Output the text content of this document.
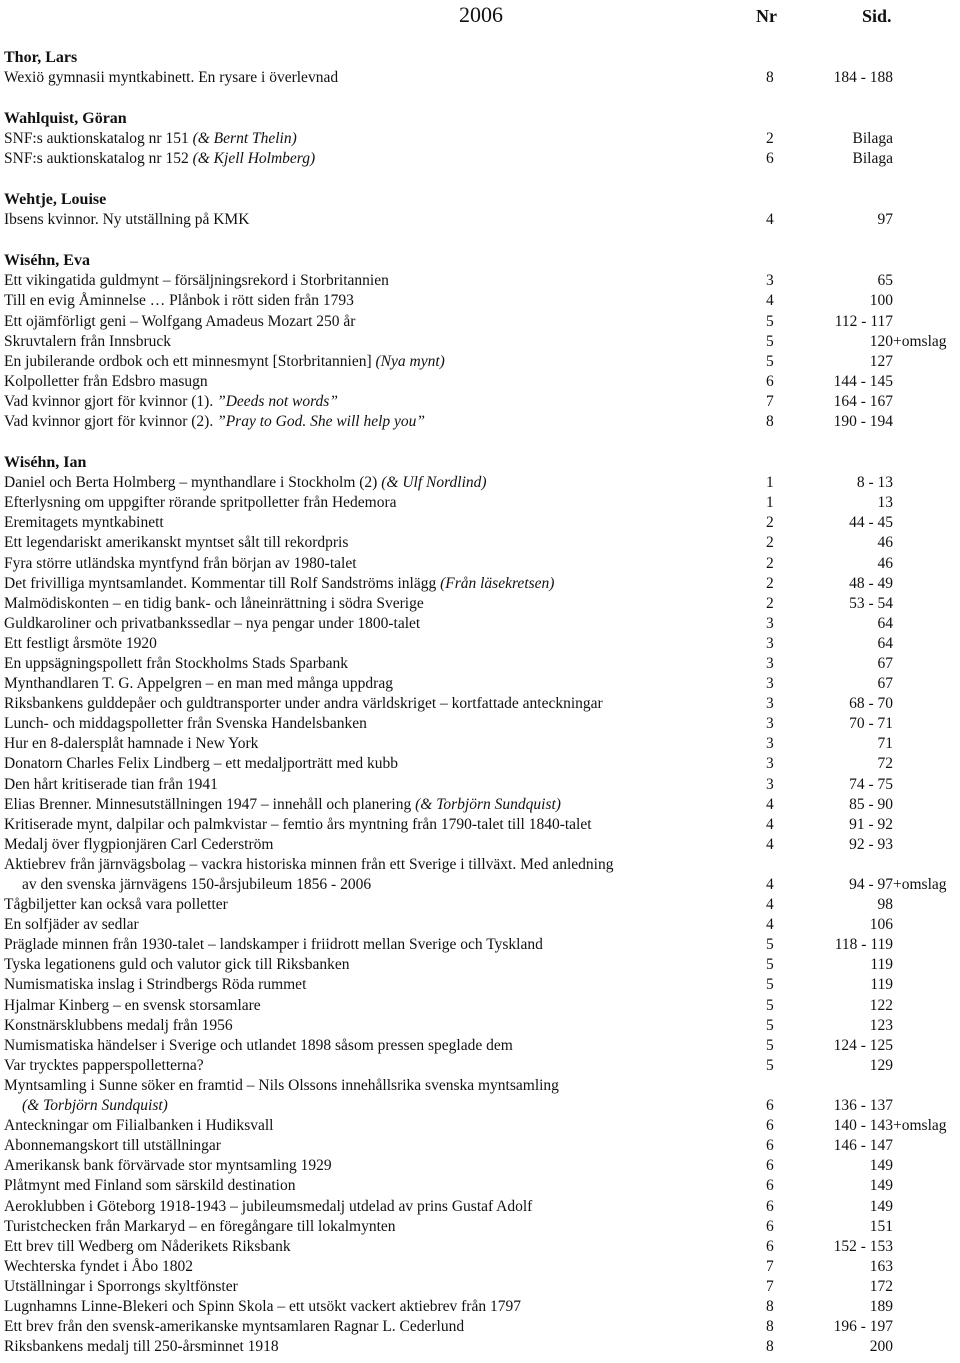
2006	Nr	Sid.
Thor, Lars
Wexiö gymnasii myntkabinett. En rysare i överlevnad	8	184 - 188
Wahlquist, Göran
SNF:s auktionskatalog nr 151 (& Bernt Thelin)	2	Bilaga
SNF:s auktionskatalog nr 152 (& Kjell Holmberg)	6	Bilaga
Wehtje, Louise
Ibsens kvinnor. Ny utställning på KMK	4	97
Wiséhn, Eva
Ett vikingatida guldmynt – försäljningsrekord i Storbritannien	3	65
Till en evig Åminnelse … Plånbok i rött siden från 1793	4	100
Ett ojämförligt geni – Wolfgang Amadeus Mozart 250 år	5	112 - 117
Skruvtalern från Innsbruck	5	120+omslag
En jubilerande ordbok och ett minnesmynt [Storbritannien] (Nya mynt)	5	127
Kolpolletter från Edsbro masugn	6	144 - 145
Vad kvinnor gjort för kvinnor (1). ”Deeds not words”	7	164 - 167
Vad kvinnor gjort för kvinnor (2). ”Pray to God. She will help you”	8	190 - 194
Wiséhn, Ian
Daniel och Berta Holmberg – mynthandlare i Stockholm (2) (& Ulf Nordlind)	1	8 - 13
Efterlysning om uppgifter rörande spritpolletter från Hedemora	1	13
Eremitagets myntkabinett	2	44 - 45
Ett legendariskt amerikanskt myntset sålt till rekordpris	2	46
Fyra större utländska myntfynd från början av 1980-talet	2	46
Det frivilliga myntsamlandet. Kommentar till Rolf Sandströms inlägg (Från läsekretsen)	2	48 - 49
Malmödiskonten – en tidig bank- och låneinrättning i södra Sverige	2	53 - 54
Guldkaroliner och privatbankssedlar – nya pengar under 1800-talet	3	64
Ett festligt årsmöte 1920	3	64
En uppsägningspollett från Stockholms Stads Sparbank	3	67
Mynthandlaren T. G. Appelgren – en man med många uppdrag	3	67
Riksbankens gulddepåer och guldtransporter under andra världskriget – kortfattade anteckningar	3	68 - 70
Lunch- och middagspolletter från Svenska Handelsbanken	3	70 - 71
Hur en 8-dalersplåt hamnade i New York	3	71
Donatorn Charles Felix Lindberg – ett medaljporträtt med kubb	3	72
Den hårt kritiserade tian från 1941	3	74 - 75
Elias Brenner. Minnesutställningen 1947 – innehåll och planering (& Torbjörn Sundquist)	4	85 - 90
Kritiserade mynt, dalpilar och palmkvistar – femtio års myntning från 1790-talet till 1840-talet	4	91 - 92
Medalj över flygpionjären Carl Cederström	4	92 - 93
Aktiebrev från järnvägsbolag – vackra historiska minnen från ett Sverige i tillväxt. Med anledning
av den svenska järnvägens 150-årsjubileum 1856 - 2006	4	94 - 97+omslag
Tågbiljetter kan också vara polletter	4	98
En solfjäder av sedlar	4	106
Präglade minnen från 1930-talet – landskamper i friidrott mellan Sverige och Tyskland	5	118 - 119
Tyska legationens guld och valutor gick till Riksbanken	5	119
Numismatiska inslag i Strindbergs Röda rummet	5	119
Hjalmar Kinberg – en svensk storsamlare	5	122
Konstnärsklubbens medalj från 1956	5	123
Numismatiska händelser i Sverige och utlandet 1898 såsom pressen speglade dem	5	124 - 125
Var trycktes papperspolletterna?	5	129
Myntsamling i Sunne söker en framtid – Nils Olssons innehållsrika svenska myntsamling
(& Torbjörn Sundquist)	6	136 - 137
Anteckningar om Filialbanken i Hudiksvall	6	140 - 143+omslag
Abonnemangskort till utställningar	6	146 - 147
Amerikansk bank förvärvade stor myntsamling 1929	6	149
Plåtmynt med Finland som särskild destination	6	149
Aeroklubben i Göteborg 1918-1943 – jubileumsmedalj utdelad av prins Gustaf Adolf	6	149
Turistchecken från Markaryd – en föregångare till lokalmynten	6	151
Ett brev till Wedberg om Nåderikets Riksbank	6	152 - 153
Wechterska fyndet i Åbo 1802	7	163
Utställningar i Sporrongs skyltfönster	7	172
Lugnhamns Linne-Blekeri och Spinn Skola – ett utsökt vackert aktiebrev från 1797	8	189
Ett brev från den svensk-amerikanske myntsamlaren Ragnar L. Cederlund	8	196 - 197
Riksbankens medalj till 250-årsminnet 1918	8	200
